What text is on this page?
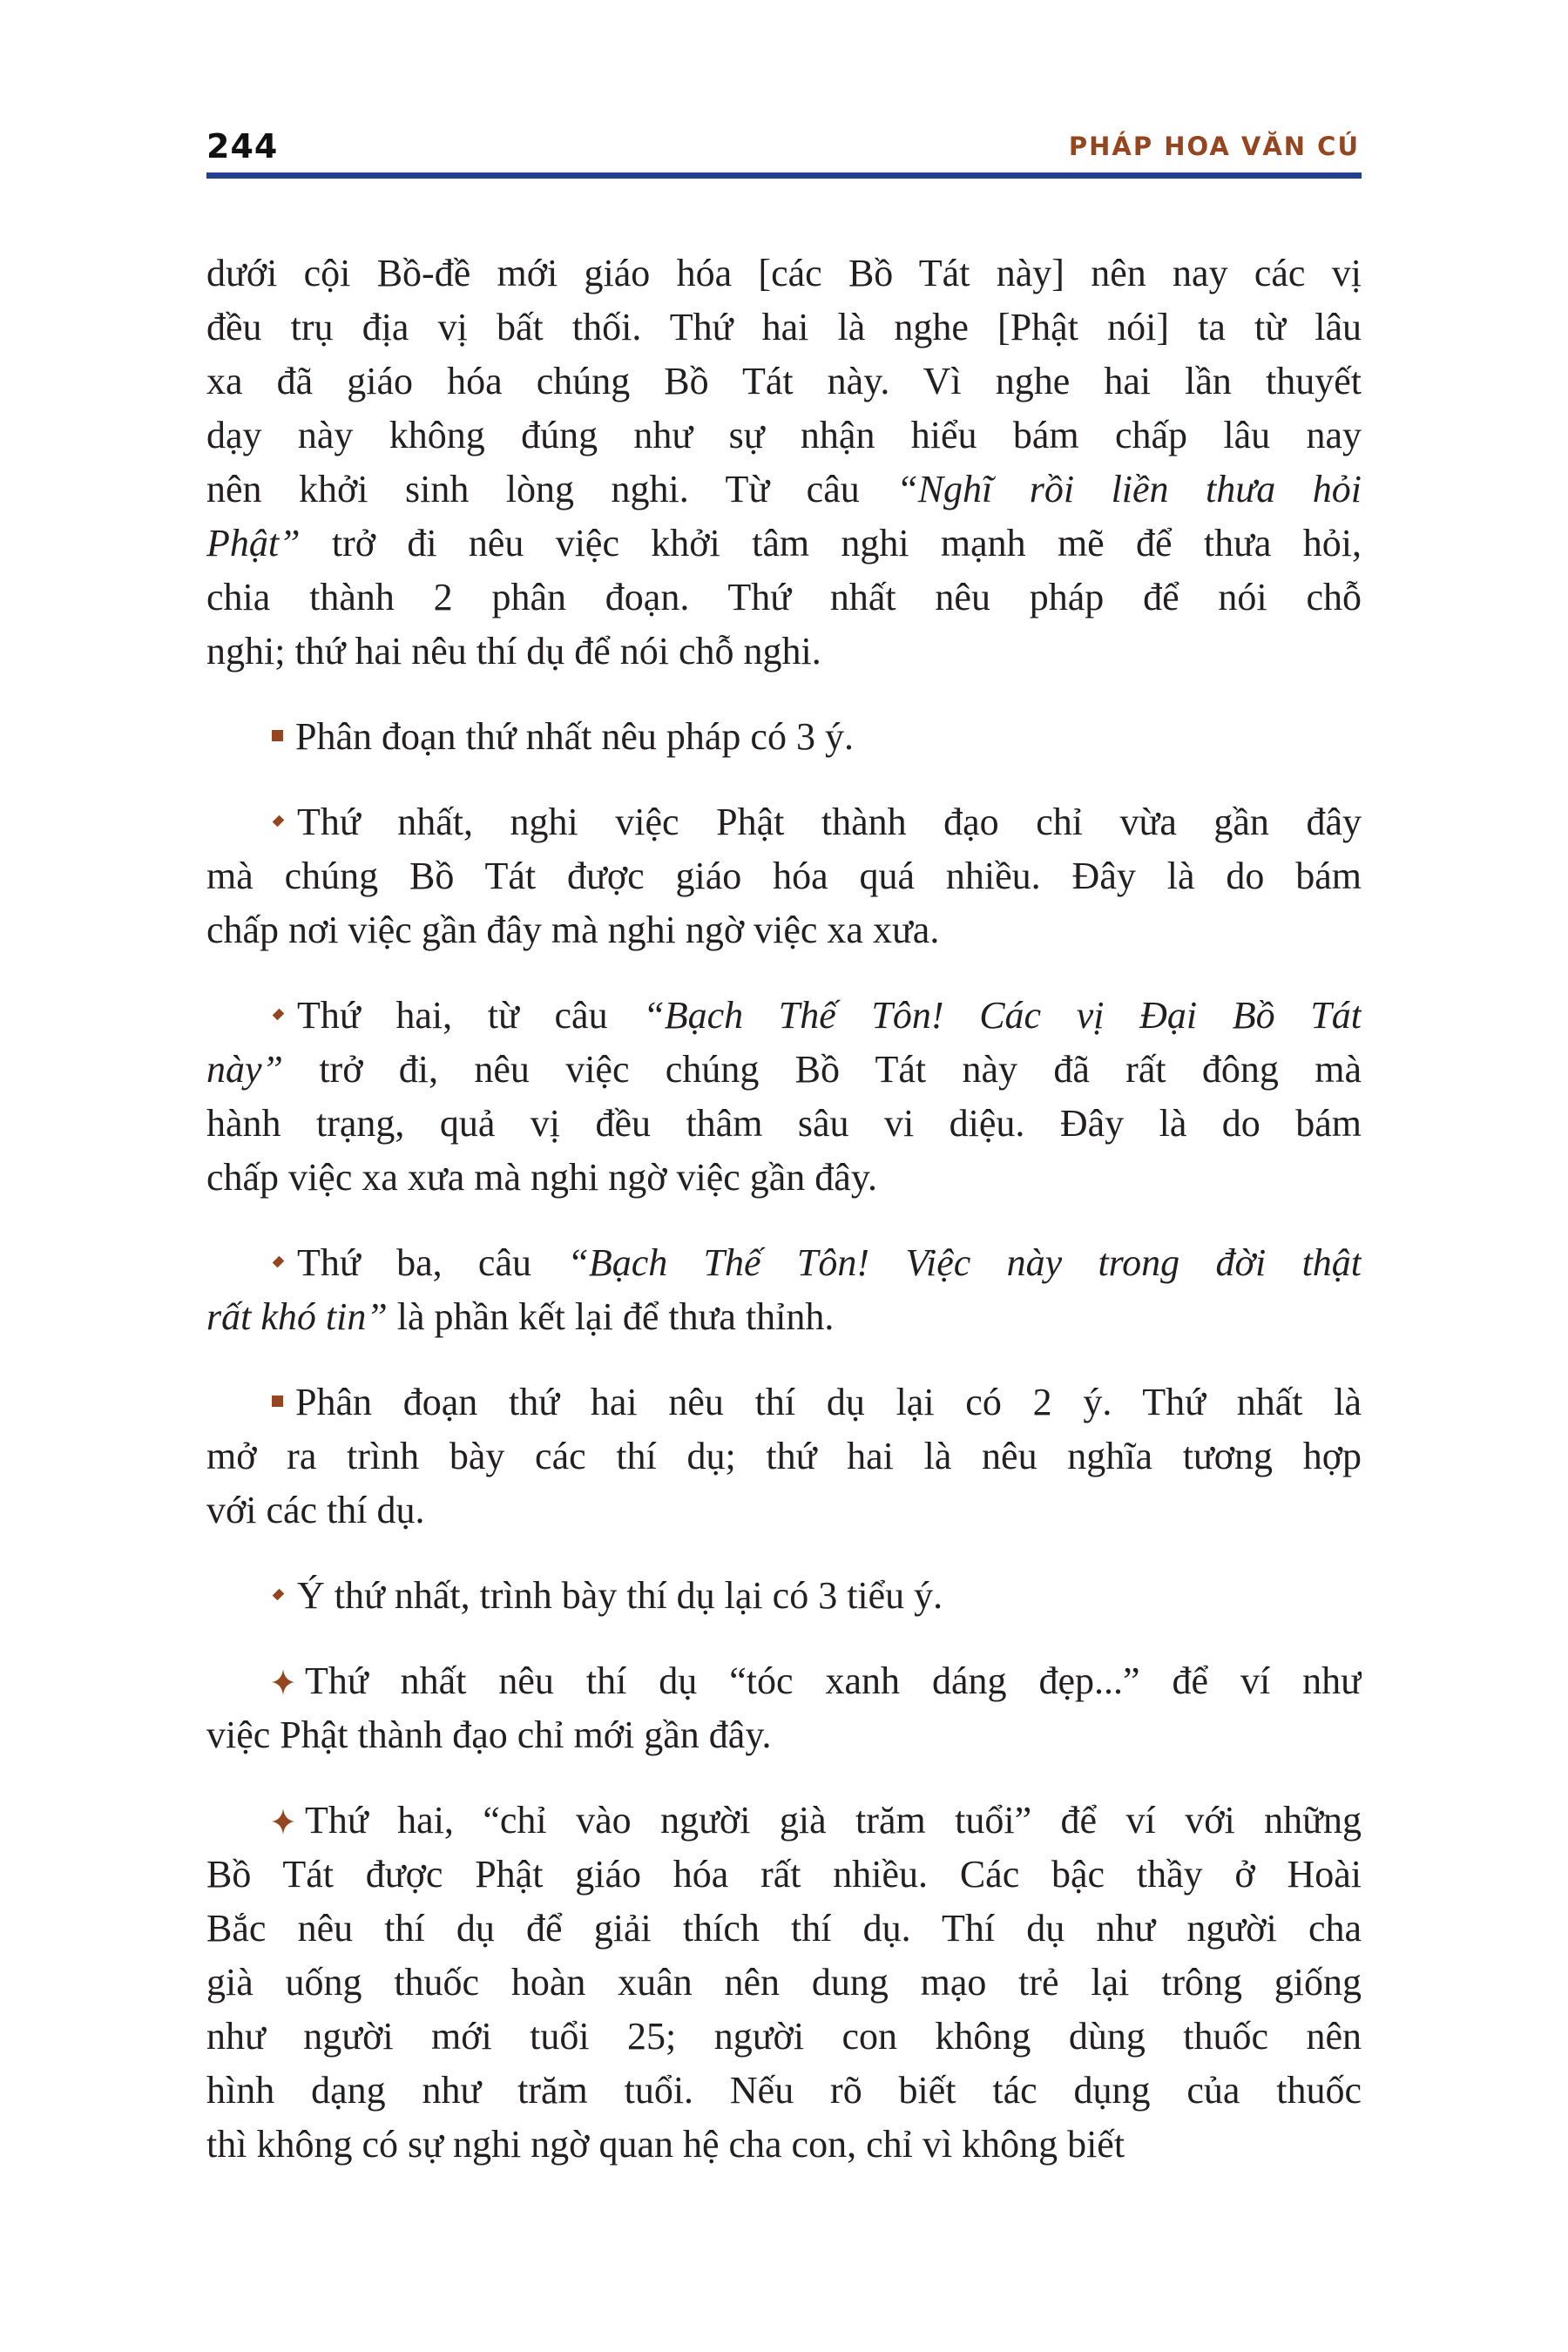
244	PHÁP HOA VĂN CÚ
dưới cội Bồ-đề mới giáo hóa [các Bồ Tát này] nên nay các vị
đều trụ địa vị bất thối. Thứ hai là nghe [Phật nói] ta từ lâu
xa đã giáo hóa chúng Bồ Tát này. Vì nghe hai lần thuyết
dạy này không đúng như sự nhận hiểu bám chấp lâu nay
nên khởi sinh lòng nghi. Từ câu “Nghĩ rồi liền thưa hỏi
Phật” trở đi nêu việc khởi tâm nghi mạnh mẽ để thưa hỏi,
chia thành 2 phân đoạn. Thứ nhất nêu pháp để nói chỗ
nghi; thứ hai nêu thí dụ để nói chỗ nghi.
Phân đoạn thứ nhất nêu pháp có 3 ý.
Thứ nhất, nghi việc Phật thành đạo chỉ vừa gần đây
mà chúng Bồ Tát được giáo hóa quá nhiều. Đây là do bám
chấp nơi việc gần đây mà nghi ngờ việc xa xưa.
Thứ hai, từ câu “Bạch Thế Tôn! Các vị Đại Bồ Tát
này” trở đi, nêu việc chúng Bồ Tát này đã rất đông mà
hành trạng, quả vị đều thâm sâu vi diệu. Đây là do bám
chấp việc xa xưa mà nghi ngờ việc gần đây.
Thứ ba, câu “Bạch Thế Tôn! Việc này trong đời thật
rất khó tin” là phần kết lại để thưa thỉnh.
Phân đoạn thứ hai nêu thí dụ lại có 2 ý. Thứ nhất là
mở ra trình bày các thí dụ; thứ hai là nêu nghĩa tương hợp
với các thí dụ.
Ý thứ nhất, trình bày thí dụ lại có 3 tiểu ý.
Thứ nhất nêu thí dụ “tóc xanh dáng đẹp...” để ví như
việc Phật thành đạo chỉ mới gần đây.
Thứ hai, “chỉ vào người già trăm tuổi” để ví với những
Bồ Tát được Phật giáo hóa rất nhiều. Các bậc thầy ở Hoài
Bắc nêu thí dụ để giải thích thí dụ. Thí dụ như người cha
già uống thuốc hoàn xuân nên dung mạo trẻ lại trông giống
như người mới tuổi 25; người con không dùng thuốc nên
hình dạng như trăm tuổi. Nếu rõ biết tác dụng của thuốc
thì không có sự nghi ngờ quan hệ cha con, chỉ vì không biết
